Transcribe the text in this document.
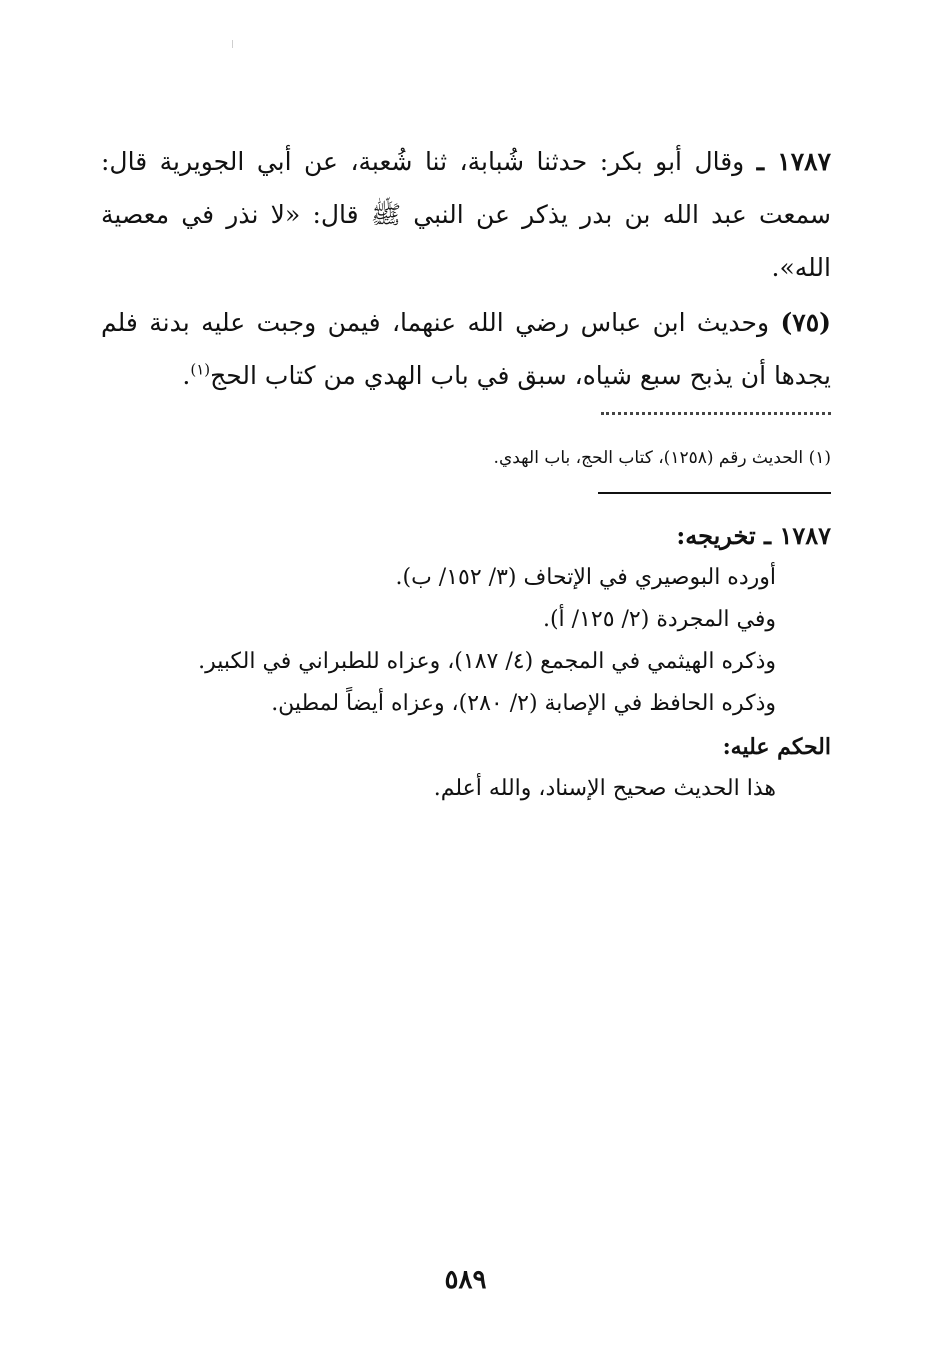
١٧٨٧ ـ وقال أبو بكر: حدثنا شُبابة، ثنا شُعبة، عن أبي الجويرية قال: سمعت عبد الله بن بدر يذكر عن النبي ﷺ قال: «لا نذر في معصية الله».
(٧٥) وحديث ابن عباس رضي الله عنهما، فيمن وجبت عليه بدنة فلم يجدها أن يذبح سبع شياه، سبق في باب الهدي من كتاب الحج$^{(١)}$.
(١) الحديث رقم (١٢٥٨)، كتاب الحج، باب الهدي.
١٧٨٧ ـ تخريجه:
أورده البوصيري في الإتحاف (٣/ ١٥٢/ ب).
وفي المجردة (٢/ ١٢٥/ أ).
وذكره الهيثمي في المجمع (٤/ ١٨٧)، وعزاه للطبراني في الكبير.
وذكره الحافظ في الإصابة (٢/ ٢٨٠)، وعزاه أيضاً لمطين.
الحكم عليه:
هذا الحديث صحيح الإسناد، والله أعلم.
٥٨٩
